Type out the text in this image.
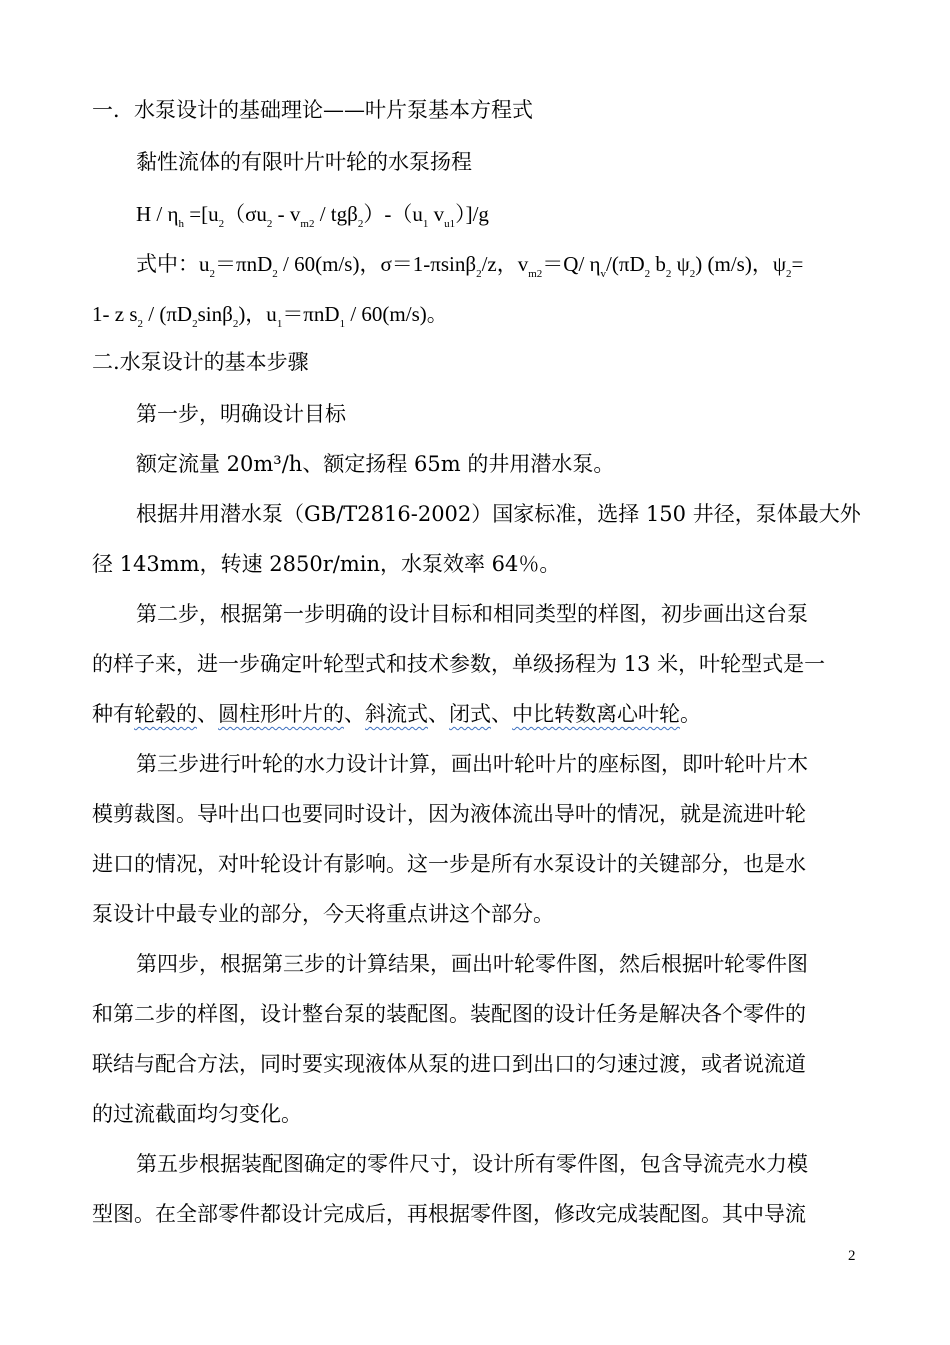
一．水泵设计的基础理论——叶片泵基本方程式
黏性流体的有限叶片叶轮的水泵扬程
$H / \eta_h =[u_2(\sigma u_2 - v_{m2} / tg\beta_2)-(u_1$ $v_{u1})]/g$
式中：$u_2=\pi nD_2 / 60(m/s)$，σ＝1-πsinβ$_2$/z，$v_{m2}=Q/$ $\eta_v/(\pi D_2$ $b_2$ $\psi_2$) (m/s)，$\psi_2=$
1- z $s_2 / (\pi D_2\sin\beta_2)$，$u_1=\pi nD_1 / 60(m/s)$。
二.水泵设计的基本步骤
第一步，明确设计目标
额定流量 20m³/h、额定扬程 65m 的井用潜水泵。
根据井用潜水泵（GB/T2816-2002）国家标准，选择 150 井径，泵体最大外
径 143mm，转速 2850r/min，水泵效率 64％。
第二步，根据第一步明确的设计目标和相同类型的样图，初步画出这台泵
的样子来，进一步确定叶轮型式和技术参数，单级扬程为 13 米，叶轮型式是一
种有轮毂的、圆柱形叶片的、斜流式、闭式、中比转数离心叶轮。
第三步进行叶轮的水力设计计算，画出叶轮叶片的座标图，即叶轮叶片木
模剪裁图。导叶出口也要同时设计，因为液体流出导叶的情况，就是流进叶轮
进口的情况，对叶轮设计有影响。这一步是所有水泵设计的关键部分，也是水
泵设计中最专业的部分，今天将重点讲这个部分。
第四步，根据第三步的计算结果，画出叶轮零件图，然后根据叶轮零件图
和第二步的样图，设计整台泵的装配图。装配图的设计任务是解决各个零件的
联结与配合方法，同时要实现液体从泵的进口到出口的匀速过渡，或者说流道
的过流截面均匀变化。
第五步根据装配图确定的零件尺寸，设计所有零件图，包含导流壳水力模
型图。在全部零件都设计完成后，再根据零件图，修改完成装配图。其中导流
2
